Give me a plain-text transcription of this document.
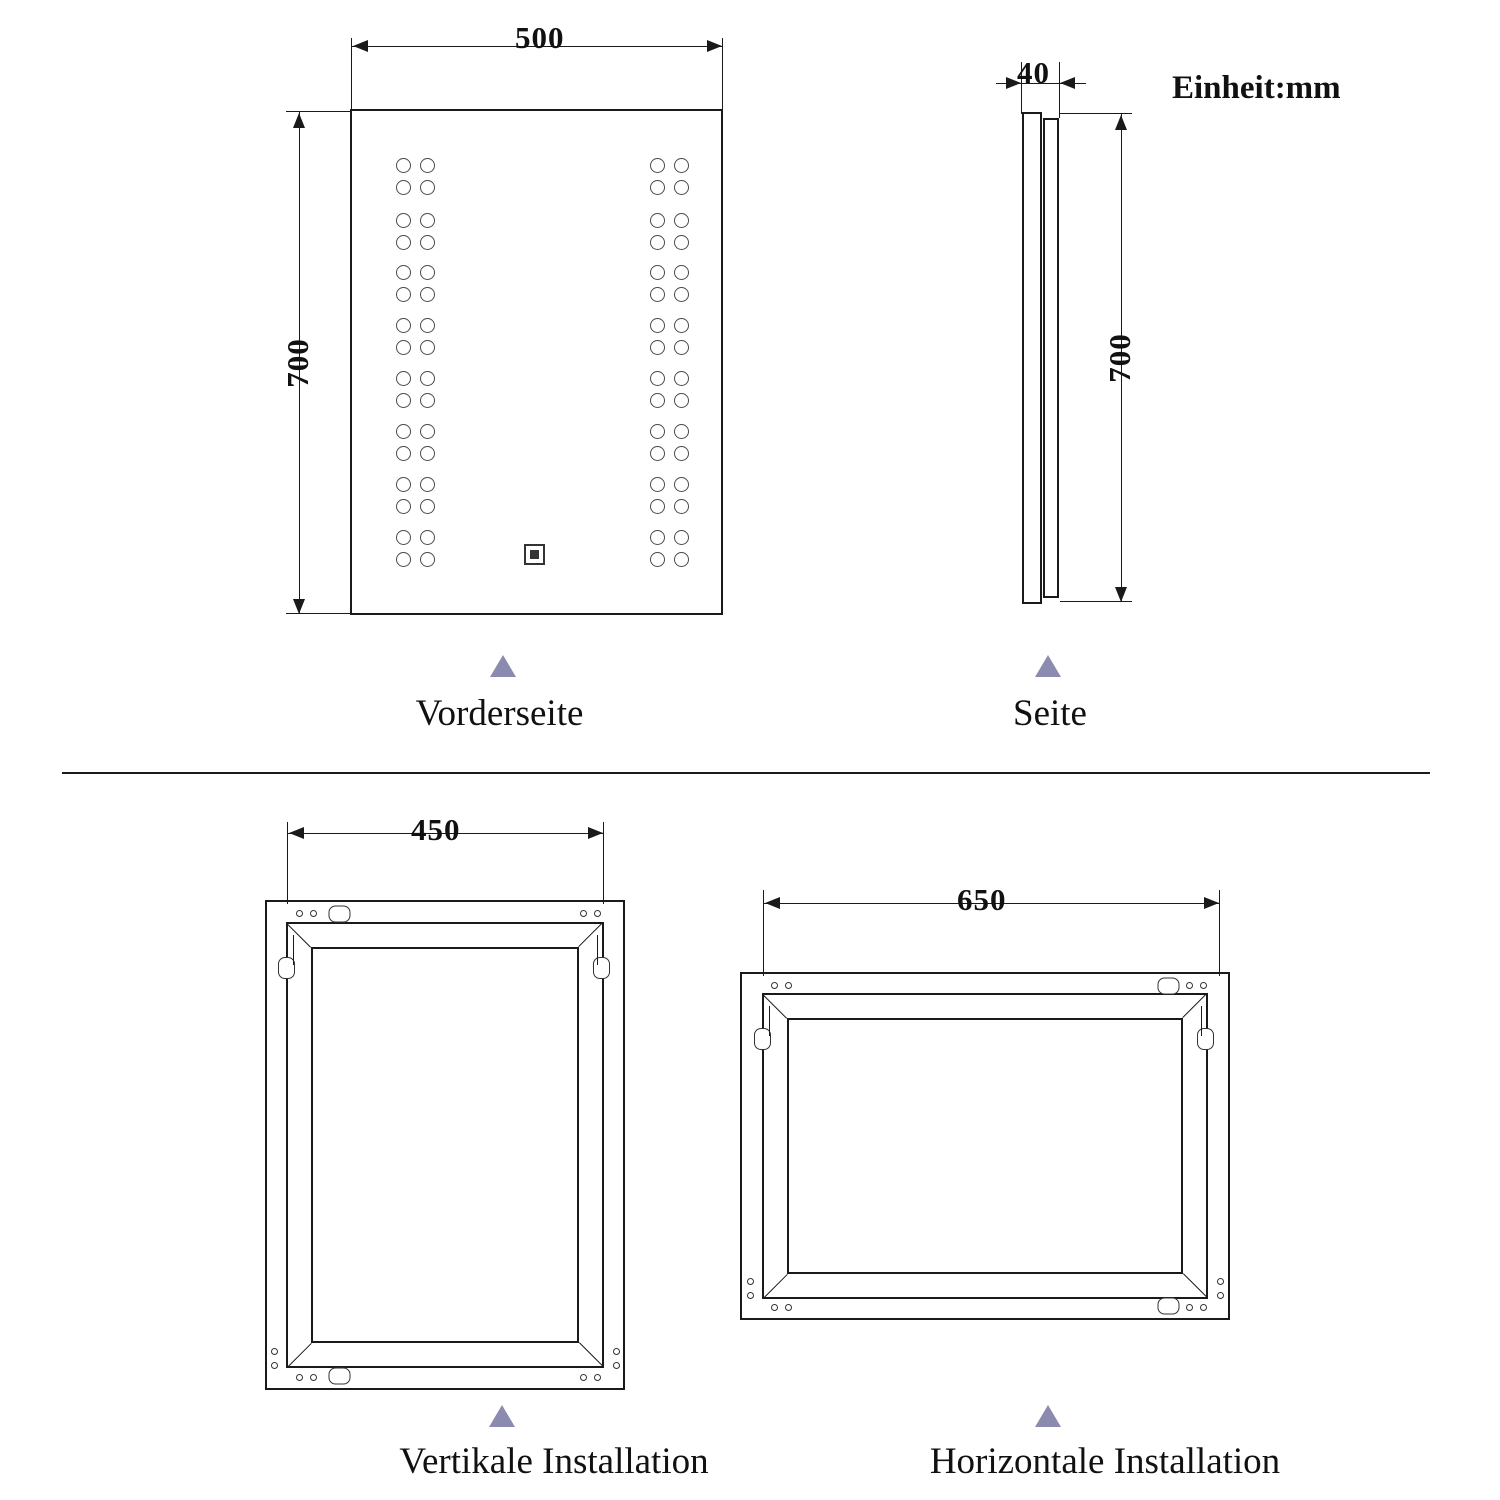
Einheit:mm
500
700
Vorderseite
40
700
Seite
450
Vertikale Installation
650
Horizontale Installation
